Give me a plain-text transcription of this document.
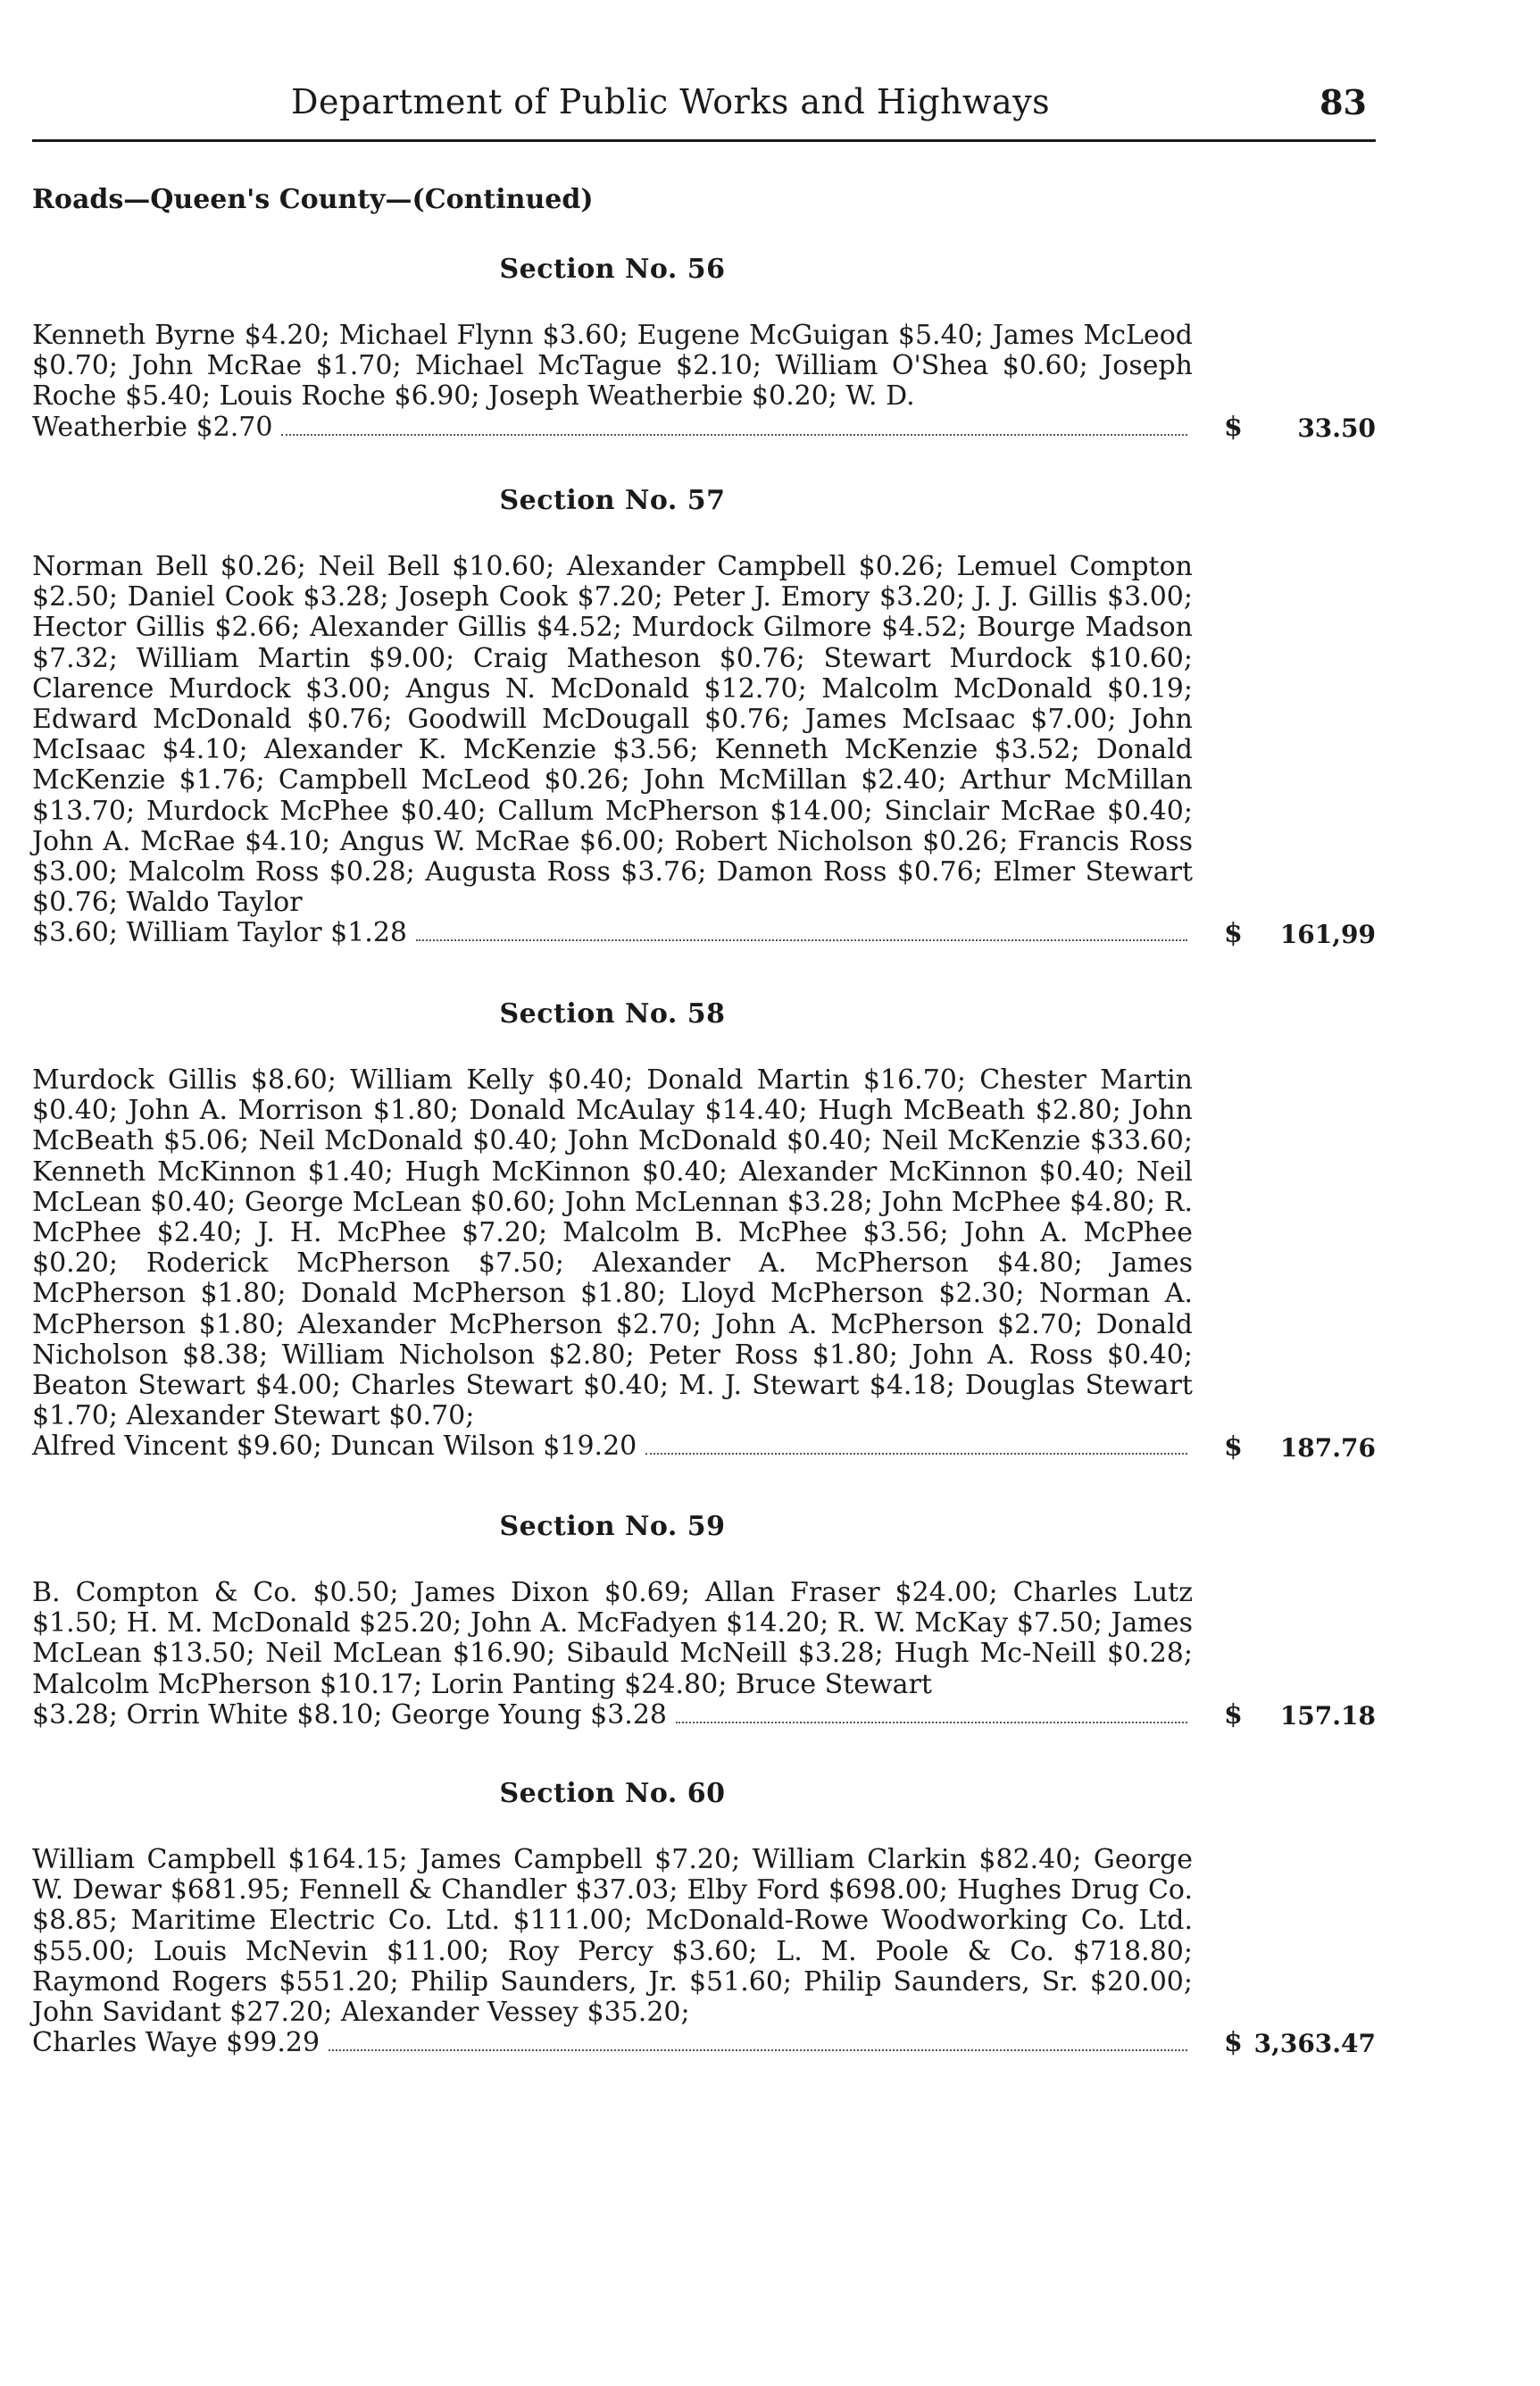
Department of Public Works and Highways	83
Roads—Queen's County—(Continued)
Section No. 56
Kenneth Byrne $4.20; Michael Flynn $3.60; Eugene McGuigan $5.40; James McLeod $0.70; John McRae $1.70; Michael McTague $2.10; William O'Shea $0.60; Joseph Roche $5.40; Louis Roche $6.90; Joseph Weatherbie $0.20; W. D.
Weatherbie $2.70	$ 33.50
Section No. 57
Norman Bell $0.26; Neil Bell $10.60; Alexander Campbell $0.26; Lemuel Compton $2.50; Daniel Cook $3.28; Joseph Cook $7.20; Peter J. Emory $3.20; J. J. Gillis $3.00; Hector Gillis $2.66; Alexander Gillis $4.52; Murdock Gilmore $4.52; Bourge Madson $7.32; William Martin $9.00; Craig Matheson $0.76; Stewart Murdock $10.60; Clarence Murdock $3.00; Angus N. McDonald $12.70; Malcolm McDonald $0.19; Edward McDonald $0.76; Goodwill McDougall $0.76; James McIsaac $7.00; John McIsaac $4.10; Alexander K. McKenzie $3.56; Kenneth McKenzie $3.52; Donald McKenzie $1.76; Campbell McLeod $0.26; John McMillan $2.40; Arthur McMillan $13.70; Murdock McPhee $0.40; Callum McPherson $14.00; Sinclair McRae $0.40; John A. McRae $4.10; Angus W. McRae $6.00; Robert Nicholson $0.26; Francis Ross $3.00; Malcolm Ross $0.28; Augusta Ross $3.76; Damon Ross $0.76; Elmer Stewart $0.76; Waldo Taylor
$3.60; William Taylor $1.28	$ 161,99
Section No. 58
Murdock Gillis $8.60; William Kelly $0.40; Donald Martin $16.70; Chester Martin $0.40; John A. Morrison $1.80; Donald McAulay $14.40; Hugh McBeath $2.80; John McBeath $5.06; Neil McDonald $0.40; John McDonald $0.40; Neil McKenzie $33.60; Kenneth McKinnon $1.40; Hugh McKinnon $0.40; Alexander McKinnon $0.40; Neil McLean $0.40; George McLean $0.60; John McLennan $3.28; John McPhee $4.80; R. McPhee $2.40; J. H. McPhee $7.20; Malcolm B. McPhee $3.56; John A. McPhee $0.20; Roderick McPherson $7.50; Alexander A. McPherson $4.80; James McPherson $1.80; Donald McPherson $1.80; Lloyd McPherson $2.30; Norman A. McPherson $1.80; Alexander McPherson $2.70; John A. McPherson $2.70; Donald Nicholson $8.38; William Nicholson $2.80; Peter Ross $1.80; John A. Ross $0.40; Beaton Stewart $4.00; Charles Stewart $0.40; M. J. Stewart $4.18; Douglas Stewart $1.70; Alexander Stewart $0.70;
Alfred Vincent $9.60; Duncan Wilson $19.20	$ 187.76
Section No. 59
B. Compton & Co. $0.50; James Dixon $0.69; Allan Fraser $24.00; Charles Lutz $1.50; H. M. McDonald $25.20; John A. McFadyen $14.20; R. W. McKay $7.50; James McLean $13.50; Neil McLean $16.90; Sibauld McNeill $3.28; Hugh Mc-Neill $0.28; Malcolm McPherson $10.17; Lorin Panting $24.80; Bruce Stewart
$3.28; Orrin White $8.10; George Young $3.28	$ 157.18
Section No. 60
William Campbell $164.15; James Campbell $7.20; William Clarkin $82.40; George W. Dewar $681.95; Fennell & Chandler $37.03; Elby Ford $698.00; Hughes Drug Co. $8.85; Maritime Electric Co. Ltd. $111.00; McDonald-Rowe Woodworking Co. Ltd. $55.00; Louis McNevin $11.00; Roy Percy $3.60; L. M. Poole & Co. $718.80; Raymond Rogers $551.20; Philip Saunders, Jr. $51.60; Philip Saunders, Sr. $20.00; John Savidant $27.20; Alexander Vessey $35.20;
Charles Waye $99.29	$ 3,363.47
